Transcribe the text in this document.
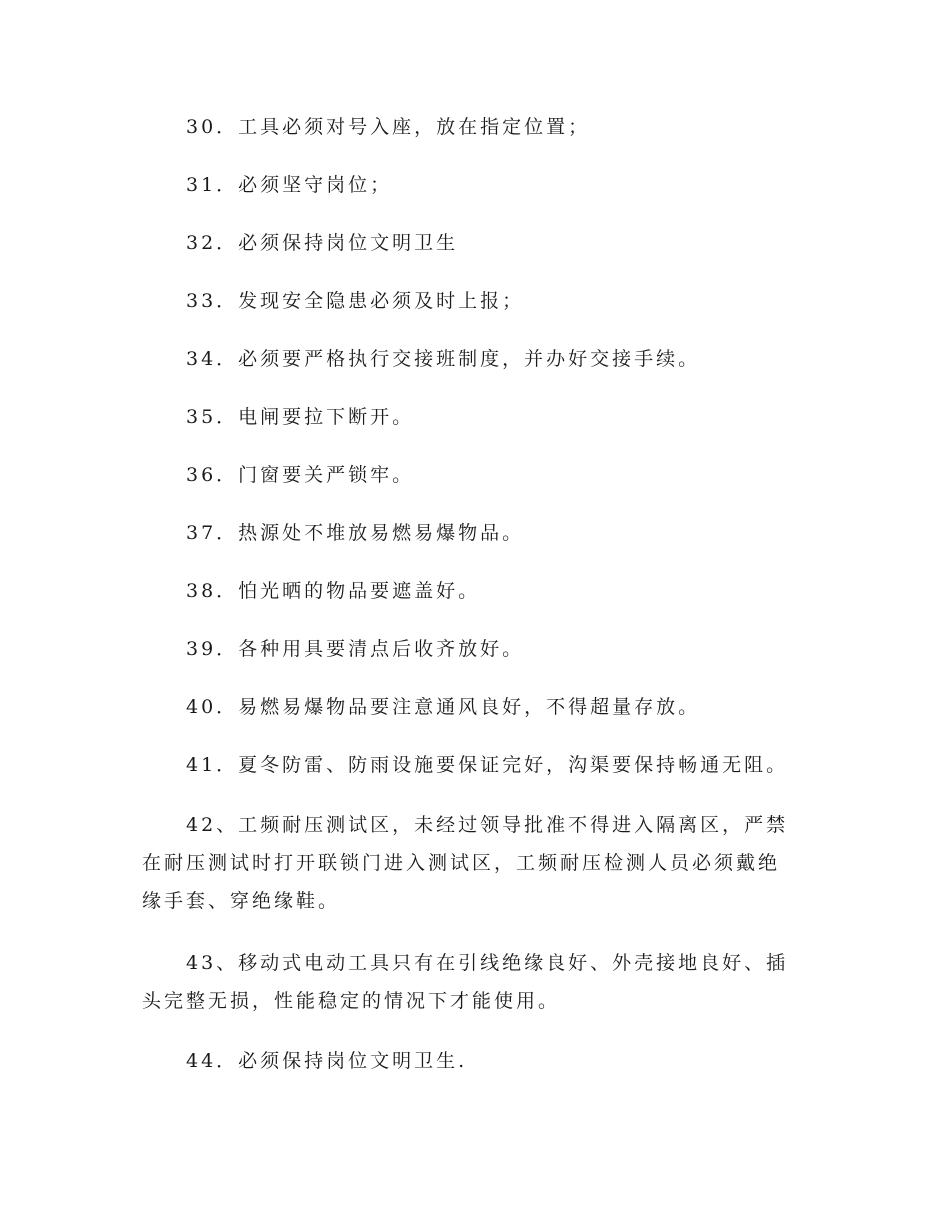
30．工具必须对号入座，放在指定位置；

31．必须坚守岗位；

32．必须保持岗位文明卫生

33．发现安全隐患必须及时上报；

34．必须要严格执行交接班制度，并办好交接手续。

35．电闸要拉下断开。

36．门窗要关严锁牢。

37．热源处不堆放易燃易爆物品。

38．怕光晒的物品要遮盖好。

39．各种用具要清点后收齐放好。

40．易燃易爆物品要注意通风良好，不得超量存放。

41．夏冬防雷、防雨设施要保证完好，沟渠要保持畅通无阻。

42、工频耐压测试区，未经过领导批准不得进入隔离区，严禁在耐压测试时打开联锁门进入测试区，工频耐压检测人员必须戴绝缘手套、穿绝缘鞋。

43、移动式电动工具只有在引线绝缘良好、外壳接地良好、插头完整无损，性能稳定的情况下才能使用。

44．必须保持岗位文明卫生.
